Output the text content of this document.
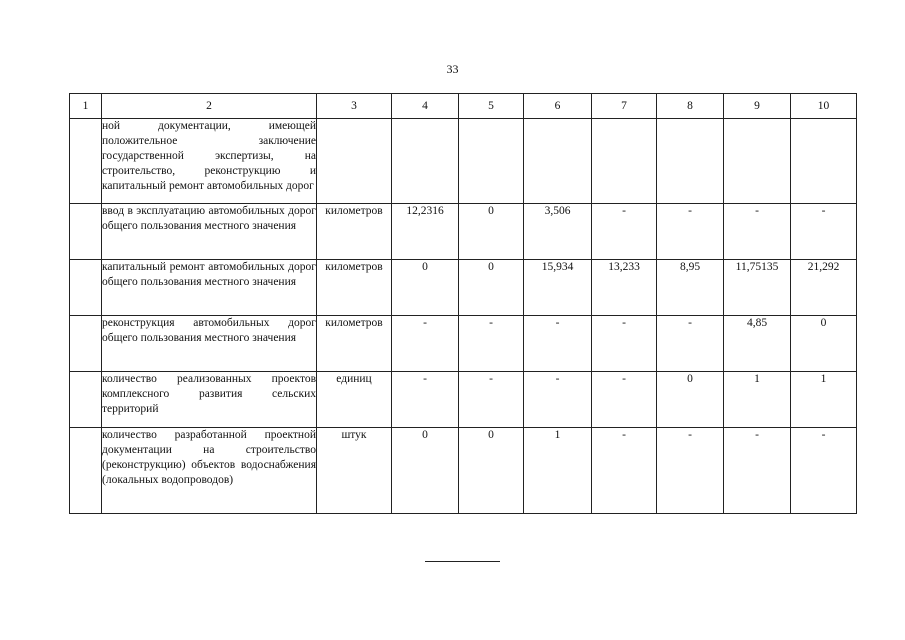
33
1	2	3	4	5	6	7	8	9	10
	ной документации, имеющей положительное заключение государственной экспертизы, на строительство, реконструкцию и капитальный ремонт автомобильных дорог								
	ввод в эксплуатацию автомобильных дорог общего пользования местного значения	километров	12,2316	0	3,506	-	-	-	-
	капитальный ремонт автомобильных дорог общего пользования местного значения	километров	0	0	15,934	13,233	8,95	11,75135	21,292
	реконструкция автомобильных дорог общего пользования местного значения	километров	-	-	-	-	-	4,85	0
	количество реализованных проектов комплексного развития сельских территорий	единиц	-	-	-	-	0	1	1
	количество разработанной проектной документации на строительство (реконструкцию) объектов водоснабжения (локальных водопроводов)	штук	0	0	1	-	-	-	-
